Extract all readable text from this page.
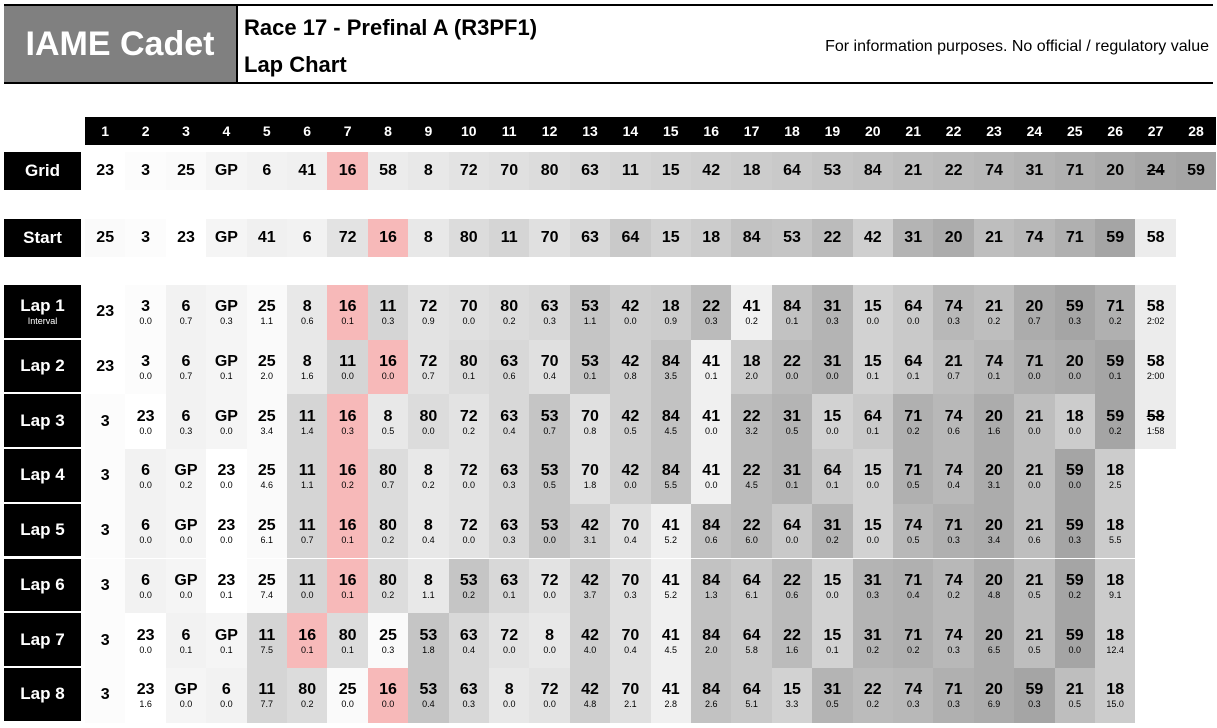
IAME Cadet	Race 17 - Prefinal A (R3PF1)
Lap Chart
For information purposes. No official / regulatory value
1 2 3 4 5 6 7 8 9 10 11 12 13 14 15 16 17 18 19 20 21 22 23 24 25 26 27 28
Grid 23 3 25 GP 6 41 16 58 8 72 70 80 63 11 15 42 18 64 53 84 21 22 74 31 71 20 24 59
Start 25 3 23 GP 41 6 72 16 8 80 11 70 63 64 15 18 84 53 22 42 31 20 21 74 71 59 58
Lap 1
Interval
23 3
0.0
6
0.7
GP
0.3
25
1.1
8
0.6
16
0.1
11
0.3
72
0.9
70
0.0
80
0.2
63
0.3
53
1.1
42
0.0
18
0.9
22
0.3
41
0.2
84
0.1
31
0.3
15
0.0
64
0.0
74
0.3
21
0.2
20
0.7
59
0.3
71
0.2
58
2:02
Lap 2 23 3
0.0
6
0.7
GP
0.1
25
2.0
8
1.6
11
0.0
16
0.0
72
0.7
80
0.1
63
0.6
70
0.4
53
0.1
42
0.8
84
3.5
41
0.1
18
2.0
22
0.0
31
0.0
15
0.1
64
0.1
21
0.7
74
0.1
71
0.0
20
0.0
59
0.1
58
2:00
Lap 3 3 23
0.0
6
0.3
GP
0.0
25
3.4
11
1.4
16
0.3
8
0.5
80
0.0
72
0.2
63
0.4
53
0.7
70
0.8
42
0.5
84
4.5
41
0.0
22
3.2
31
0.5
15
0.0
64
0.1
71
0.2
74
0.6
20
1.6
21
0.0
18
0.0
59
0.2
58
1:58
Lap 4 3 6
0.0
GP
0.2
23
0.0
25
4.6
11
1.1
16
0.2
80
0.7
8
0.2
72
0.0
63
0.3
53
0.5
70
1.8
42
0.0
84
5.5
41
0.0
22
4.5
31
0.1
64
0.1
15
0.0
71
0.5
74
0.4
20
3.1
21
0.0
59
0.0
18
2.5
Lap 5 3 6
0.0
GP
0.0
23
0.0
25
6.1
11
0.7
16
0.1
80
0.2
8
0.4
72
0.0
63
0.3
53
0.0
42
3.1
70
0.4
41
5.2
84
0.6
22
6.0
64
0.0
31
0.2
15
0.0
74
0.5
71
0.3
20
3.4
21
0.6
59
0.3
18
5.5
Lap 6 3 6
0.0
GP
0.0
23
0.1
25
7.4
11
0.0
16
0.1
80
0.2
8
1.1
53
0.2
63
0.1
72
0.0
42
3.7
70
0.3
41
5.2
84
1.3
64
6.1
22
0.6
15
0.0
31
0.3
71
0.4
74
0.2
20
4.8
21
0.5
59
0.2
18
9.1
Lap 7 3 23
0.0
6
0.1
GP
0.1
11
7.5
16
0.1
80
0.1
25
0.3
53
1.8
63
0.4
72
0.0
8
0.0
42
4.0
70
0.4
41
4.5
84
2.0
64
5.8
22
1.6
15
0.1
31
0.2
71
0.2
74
0.3
20
6.5
21
0.5
59
0.0
18
12.4
Lap 8 3 23
1.6
GP
0.0
6
0.0
11
7.7
80
0.2
25
0.0
16
0.0
53
0.4
63
0.3
8
0.0
72
0.0
42
4.8
70
2.1
41
2.8
84
2.6
64
5.1
15
3.3
31
0.5
22
0.2
74
0.3
71
0.3
20
6.9
59
0.3
21
0.5
18
15.0
